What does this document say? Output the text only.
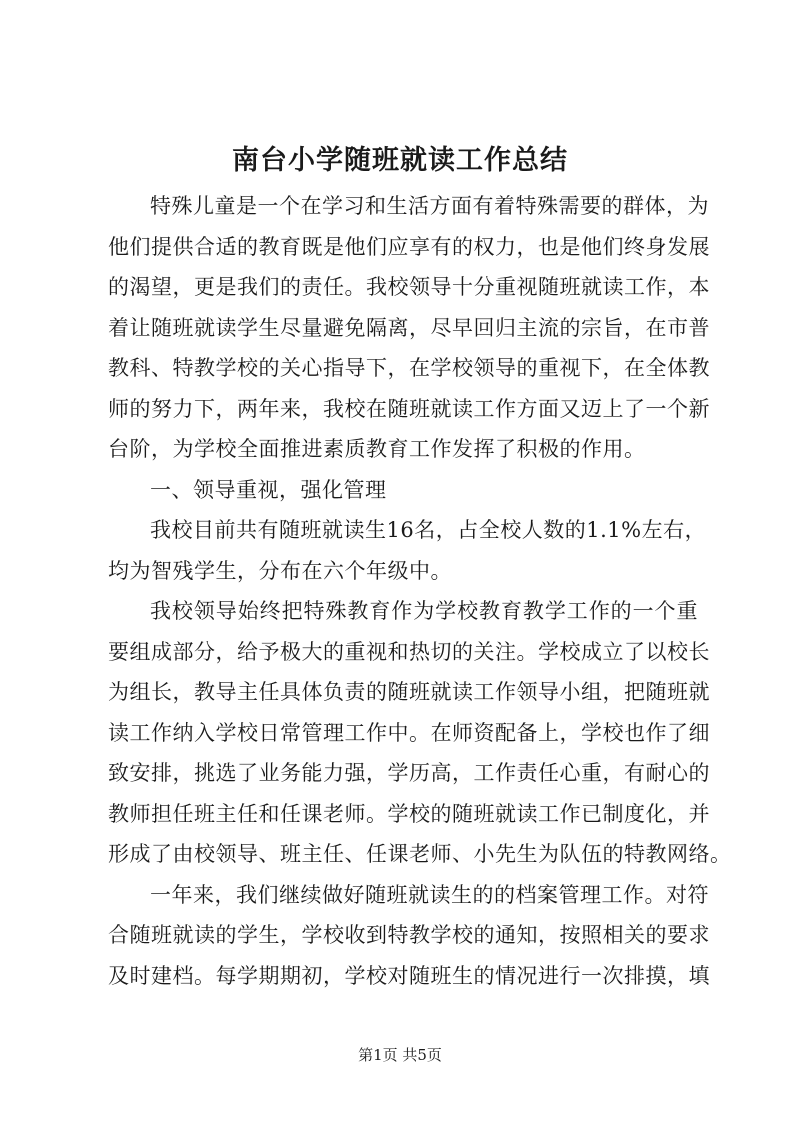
南台小学随班就读工作总结
特殊儿童是一个在学习和生活方面有着特殊需要的群体，为
他们提供合适的教育既是他们应享有的权力，也是他们终身发展
的渴望，更是我们的责任。我校领导十分重视随班就读工作，本
着让随班就读学生尽量避免隔离，尽早回归主流的宗旨，在市普
教科、特教学校的关心指导下，在学校领导的重视下，在全体教
师的努力下，两年来，我校在随班就读工作方面又迈上了一个新
台阶，为学校全面推进素质教育工作发挥了积极的作用。
一、领导重视，强化管理
我校目前共有随班就读生16名，占全校人数的1.1%左右，
均为智残学生，分布在六个年级中。
我校领导始终把特殊教育作为学校教育教学工作的一个重
要组成部分，给予极大的重视和热切的关注。学校成立了以校长
为组长，教导主任具体负责的随班就读工作领导小组，把随班就
读工作纳入学校日常管理工作中。在师资配备上，学校也作了细
致安排，挑选了业务能力强，学历高，工作责任心重，有耐心的
教师担任班主任和任课老师。学校的随班就读工作已制度化，并
形成了由校领导、班主任、任课老师、小先生为队伍的特教网络。
一年来，我们继续做好随班就读生的的档案管理工作。对符
合随班就读的学生，学校收到特教学校的通知，按照相关的要求
及时建档。每学期期初，学校对随班生的情况进行一次排摸，填
第1页 共5页
